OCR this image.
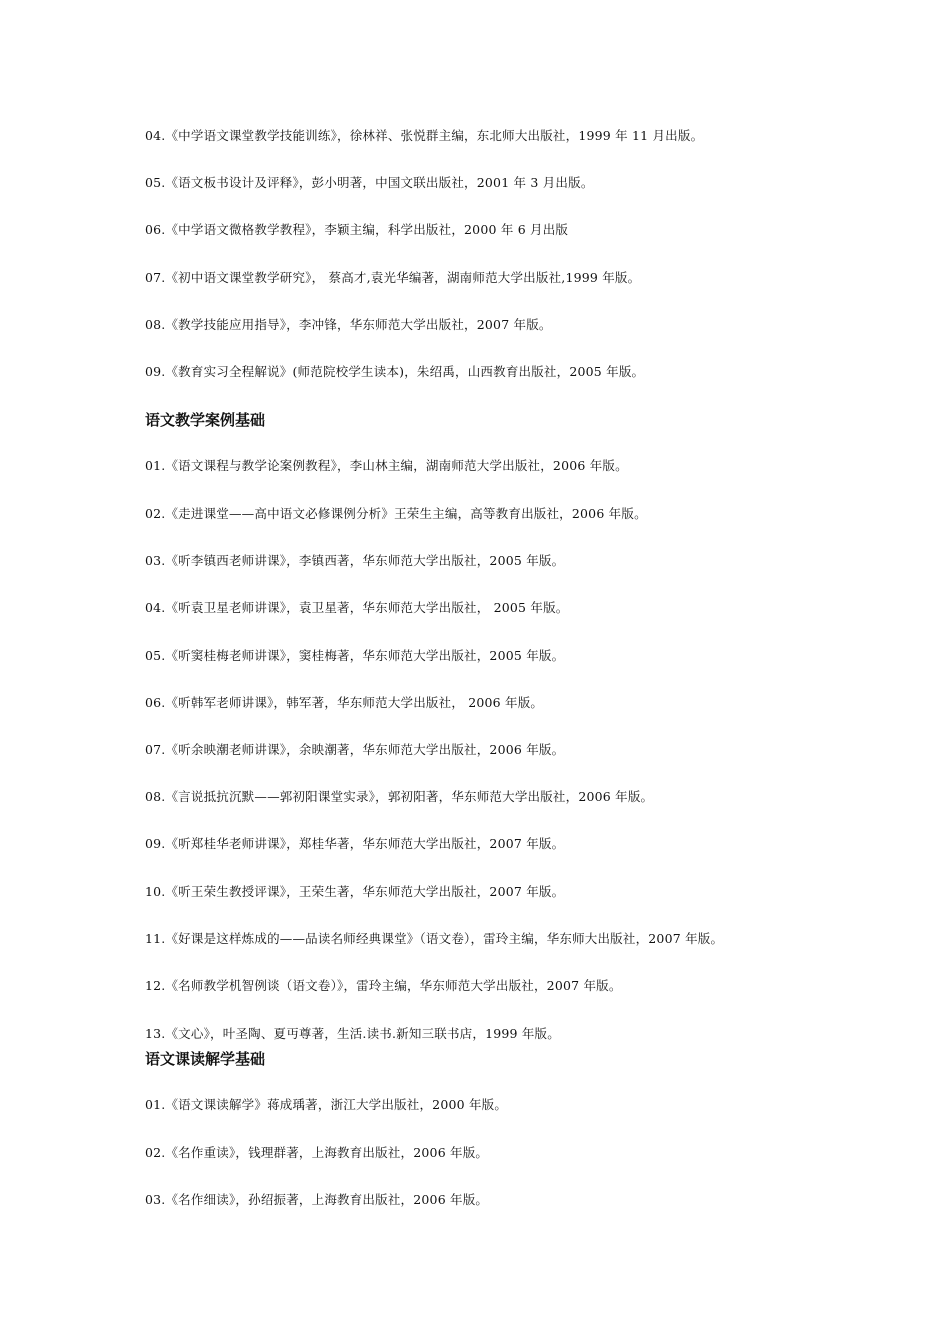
04.《中学语文课堂教学技能训练》，徐林祥、张悦群主编，东北师大出版社，1999 年 11 月出版。
05.《语文板书设计及评释》，彭小明著，中国文联出版社，2001 年 3 月出版。
06.《中学语文微格教学教程》，李颖主编，科学出版社，2000 年 6 月出版
07.《初中语文课堂教学研究》， 蔡高才,袁光华编著，湖南师范大学出版社,1999 年版。
08.《教学技能应用指导》，李冲锋，华东师范大学出版社，2007 年版。
09.《教育实习全程解说》(师范院校学生读本)，朱绍禹，山西教育出版社，2005 年版。
语文教学案例基础
01.《语文课程与教学论案例教程》，李山林主编，湖南师范大学出版社，2006 年版。
02.《走进课堂——高中语文必修课例分析》王荣生主编，高等教育出版社，2006 年版。
03.《听李镇西老师讲课》，李镇西著，华东师范大学出版社，2005 年版。
04.《听袁卫星老师讲课》，袁卫星著，华东师范大学出版社， 2005 年版。
05.《听窦桂梅老师讲课》，窦桂梅著，华东师范大学出版社，2005 年版。
06.《听韩军老师讲课》，韩军著，华东师范大学出版社， 2006 年版。
07.《听余映潮老师讲课》，余映潮著，华东师范大学出版社，2006 年版。
08.《言说抵抗沉默——郭初阳课堂实录》，郭初阳著，华东师范大学出版社，2006 年版。
09.《听郑桂华老师讲课》，郑桂华著，华东师范大学出版社，2007 年版。
10.《听王荣生教授评课》，王荣生著，华东师范大学出版社，2007 年版。
11.《好课是这样炼成的——品读名师经典课堂》（语文卷），雷玲主编，华东师大出版社，2007 年版。
12.《名师教学机智例谈（语文卷）》，雷玲主编，华东师范大学出版社，2007 年版。
13.《文心》，叶圣陶、夏丏尊著，生活.读书.新知三联书店，1999 年版。
语文课读解学基础
01.《语文课读解学》蒋成瑀著，浙江大学出版社，2000 年版。
02.《名作重读》，钱理群著，上海教育出版社，2006 年版。
03.《名作细读》，孙绍振著，上海教育出版社，2006 年版。
